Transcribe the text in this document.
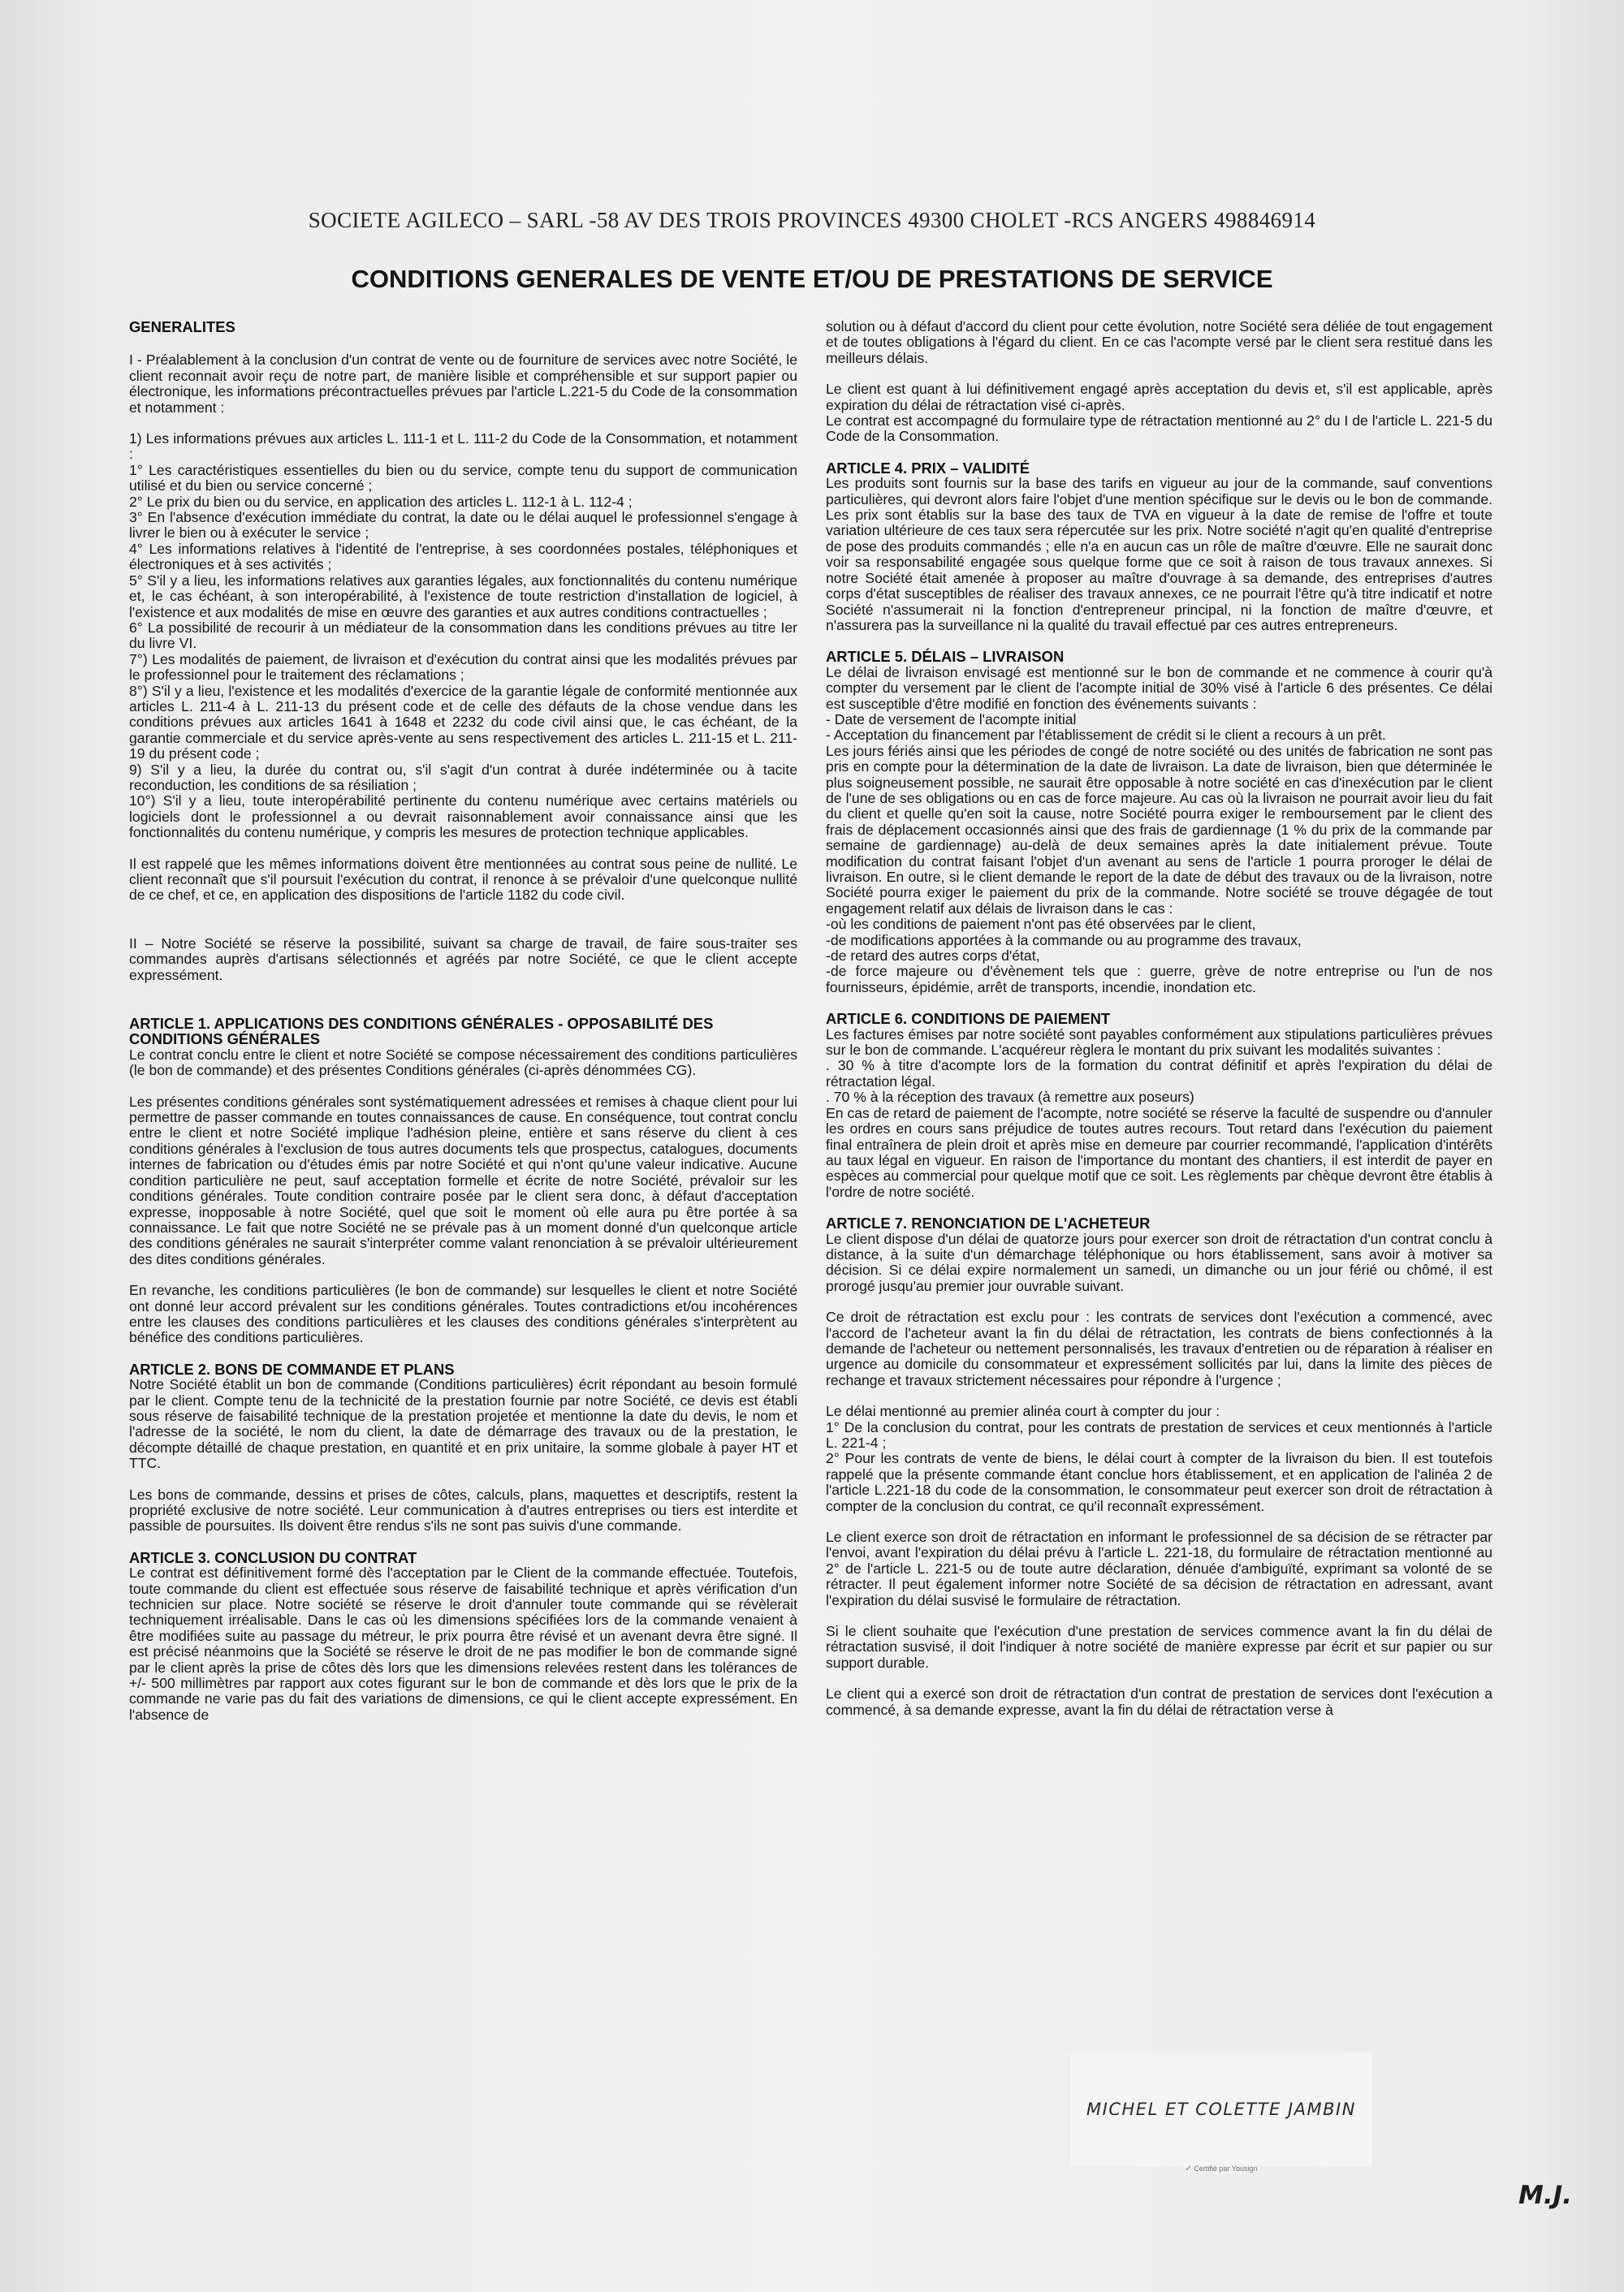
SOCIETE AGILECO – SARL -58 AV DES TROIS PROVINCES 49300 CHOLET -RCS ANGERS 498846914
CONDITIONS GENERALES DE VENTE ET/OU DE PRESTATIONS DE SERVICE
GENERALITES

I - Préalablement à la conclusion d'un contrat de vente ou de fourniture de services avec notre Société, le client reconnait avoir reçu de notre part, de manière lisible et compréhensible et sur support papier ou électronique, les informations précontractuelles prévues par l'article L.221-5 du Code de la consommation et notamment :

1) Les informations prévues aux articles L. 111-1 et L. 111-2 du Code de la Consommation, et notamment :
1° Les caractéristiques essentielles du bien ou du service, compte tenu du support de communication utilisé et du bien ou service concerné ;
2° Le prix du bien ou du service, en application des articles L. 112-1 à L. 112-4 ;
3° En l'absence d'exécution immédiate du contrat, la date ou le délai auquel le professionnel s'engage à livrer le bien ou à exécuter le service ;
4° Les informations relatives à l'identité de l'entreprise, à ses coordonnées postales, téléphoniques et électroniques et à ses activités ;
5° S'il y a lieu, les informations relatives aux garanties légales, aux fonctionnalités du contenu numérique et, le cas échéant, à son interopérabilité, à l'existence de toute restriction d'installation de logiciel, à l'existence et aux modalités de mise en œuvre des garanties et aux autres conditions contractuelles ;
6° La possibilité de recourir à un médiateur de la consommation dans les conditions prévues au titre Ier du livre VI.
7°) Les modalités de paiement, de livraison et d'exécution du contrat ainsi que les modalités prévues par le professionnel pour le traitement des réclamations ;
8°) S'il y a lieu, l'existence et les modalités d'exercice de la garantie légale de conformité mentionnée aux articles L. 211-4 à L. 211-13 du présent code et de celle des défauts de la chose vendue dans les conditions prévues aux articles 1641 à 1648 et 2232 du code civil ainsi que, le cas échéant, de la garantie commerciale et du service après-vente au sens respectivement des articles L. 211-15 et L. 211-19 du présent code ;
9) S'il y a lieu, la durée du contrat ou, s'il s'agit d'un contrat à durée indéterminée ou à tacite reconduction, les conditions de sa résiliation ;
10°) S'il y a lieu, toute interopérabilité pertinente du contenu numérique avec certains matériels ou logiciels dont le professionnel a ou devrait raisonnablement avoir connaissance ainsi que les fonctionnalités du contenu numérique, y compris les mesures de protection technique applicables.

Il est rappelé que les mêmes informations doivent être mentionnées au contrat sous peine de nullité. Le client reconnaît que s'il poursuit l'exécution du contrat, il renonce à se prévaloir d'une quelconque nullité de ce chef, et ce, en application des dispositions de l'article 1182 du code civil.

II – Notre Société se réserve la possibilité, suivant sa charge de travail, de faire sous-traiter ses commandes auprès d'artisans sélectionnés et agréés par notre Société, ce que le client accepte expressément.

ARTICLE 1. APPLICATIONS DES CONDITIONS GÉNÉRALES - OPPOSABILITÉ DES CONDITIONS GÉNÉRALES

Le contrat conclu entre le client et notre Société se compose nécessairement des conditions particulières (le bon de commande) et des présentes Conditions générales (ci-après dénommées CG).

Les présentes conditions générales sont systématiquement adressées et remises à chaque client pour lui permettre de passer commande en toutes connaissances de cause. En conséquence, tout contrat conclu entre le client et notre Société implique l'adhésion pleine, entière et sans réserve du client à ces conditions générales à l'exclusion de tous autres documents tels que prospectus, catalogues, documents internes de fabrication ou d'études émis par notre Société et qui n'ont qu'une valeur indicative. Aucune condition particulière ne peut, sauf acceptation formelle et écrite de notre Société, prévaloir sur les conditions générales. Toute condition contraire posée par le client sera donc, à défaut d'acceptation expresse, inopposable à notre Société, quel que soit le moment où elle aura pu être portée à sa connaissance. Le fait que notre Société ne se prévale pas à un moment donné d'un quelconque article des conditions générales ne saurait s'interpréter comme valant renonciation à se prévaloir ultérieurement des dites conditions générales.

En revanche, les conditions particulières (le bon de commande) sur lesquelles le client et notre Société ont donné leur accord prévalent sur les conditions générales. Toutes contradictions et/ou incohérences entre les clauses des conditions particulières et les clauses des conditions générales s'interprètent au bénéfice des conditions particulières.

ARTICLE 2. BONS DE COMMANDE ET PLANS

Notre Société établit un bon de commande (Conditions particulières) écrit répondant au besoin formulé par le client. Compte tenu de la technicité de la prestation fournie par notre Société, ce devis est établi sous réserve de faisabilité technique de la prestation projetée et mentionne la date du devis, le nom et l'adresse de la société, le nom du client, la date de démarrage des travaux ou de la prestation, le décompte détaillé de chaque prestation, en quantité et en prix unitaire, la somme globale à payer HT et TTC.

Les bons de commande, dessins et prises de côtes, calculs, plans, maquettes et descriptifs, restent la propriété exclusive de notre société. Leur communication à d'autres entreprises ou tiers est interdite et passible de poursuites. Ils doivent être rendus s'ils ne sont pas suivis d'une commande.

ARTICLE 3. CONCLUSION DU CONTRAT

Le contrat est définitivement formé dès l'acceptation par le Client de la commande effectuée. Toutefois, toute commande du client est effectuée sous réserve de faisabilité technique et après vérification d'un technicien sur place. Notre société se réserve le droit d'annuler toute commande qui se révèlerait techniquement irréalisable. Dans le cas où les dimensions spécifiées lors de la commande venaient à être modifiées suite au passage du métreur, le prix pourra être révisé et un avenant devra être signé. Il est précisé néanmoins que la Société se réserve le droit de ne pas modifier le bon de commande signé par le client après la prise de côtes dès lors que les dimensions relevées restent dans les tolérances de +/- 500 millimètres par rapport aux cotes figurant sur le bon de commande et dès lors que le prix de la commande ne varie pas du fait des variations de dimensions, ce qui le client accepte expressément. En l'absence de

solution ou à défaut d'accord du client pour cette évolution, notre Société sera déliée de tout engagement et de toutes obligations à l'égard du client. En ce cas l'acompte versé par le client sera restitué dans les meilleurs délais.

Le client est quant à lui définitivement engagé après acceptation du devis et, s'il est applicable, après expiration du délai de rétractation visé ci-après.

Le contrat est accompagné du formulaire type de rétractation mentionné au 2° du I de l'article L. 221-5 du Code de la Consommation.

ARTICLE 4. PRIX – VALIDITÉ

Les produits sont fournis sur la base des tarifs en vigueur au jour de la commande, sauf conventions particulières, qui devront alors faire l'objet d'une mention spécifique sur le devis ou le bon de commande. Les prix sont établis sur la base des taux de TVA en vigueur à la date de remise de l'offre et toute variation ultérieure de ces taux sera répercutée sur les prix. Notre société n'agit qu'en qualité d'entreprise de pose des produits commandés ; elle n'a en aucun cas un rôle de maître d'œuvre. Elle ne saurait donc voir sa responsabilité engagée sous quelque forme que ce soit à raison de tous travaux annexes. Si notre Société était amenée à proposer au maître d'ouvrage à sa demande, des entreprises d'autres corps d'état susceptibles de réaliser des travaux annexes, ce ne pourrait l'être qu'à titre indicatif et notre Société n'assumerait ni la fonction d'entrepreneur principal, ni la fonction de maître d'œuvre, et n'assurera pas la surveillance ni la qualité du travail effectué par ces autres entrepreneurs.

ARTICLE 5. DÉLAIS – LIVRAISON

Le délai de livraison envisagé est mentionné sur le bon de commande et ne commence à courir qu'à compter du versement par le client de l'acompte initial de 30% visé à l'article 6 des présentes. Ce délai est susceptible d'être modifié en fonction des événements suivants :
- Date de versement de l'acompte initial
- Acceptation du financement par l'établissement de crédit si le client a recours à un prêt.
Les jours fériés ainsi que les périodes de congé de notre société ou des unités de fabrication ne sont pas pris en compte pour la détermination de la date de livraison. La date de livraison, bien que déterminée le plus soigneusement possible, ne saurait être opposable à notre société en cas d'inexécution par le client de l'une de ses obligations ou en cas de force majeure. Au cas où la livraison ne pourrait avoir lieu du fait du client et quelle qu'en soit la cause, notre Société pourra exiger le remboursement par le client des frais de déplacement occasionnés ainsi que des frais de gardiennage (1 % du prix de la commande par semaine de gardiennage) au-delà de deux semaines après la date initialement prévue. Toute modification du contrat faisant l'objet d'un avenant au sens de l'article 1 pourra proroger le délai de livraison. En outre, si le client demande le report de la date de début des travaux ou de la livraison, notre Société pourra exiger le paiement du prix de la commande. Notre société se trouve dégagée de tout engagement relatif aux délais de livraison dans le cas :
-où les conditions de paiement n'ont pas été observées par le client,
-de modifications apportées à la commande ou au programme des travaux,
-de retard des autres corps d'état,
-de force majeure ou d'évènement tels que : guerre, grève de notre entreprise ou l'un de nos fournisseurs, épidémie, arrêt de transports, incendie, inondation etc.

ARTICLE 6. CONDITIONS DE PAIEMENT

Les factures émises par notre société sont payables conformément aux stipulations particulières prévues sur le bon de commande. L'acquéreur règlera le montant du prix suivant les modalités suivantes :
. 30 % à titre d'acompte lors de la formation du contrat définitif et après l'expiration du délai de rétractation légal.
. 70 % à la réception des travaux (à remettre aux poseurs)
En cas de retard de paiement de l'acompte, notre société se réserve la faculté de suspendre ou d'annuler les ordres en cours sans préjudice de toutes autres recours. Tout retard dans l'exécution du paiement final entraînera de plein droit et après mise en demeure par courrier recommandé, l'application d'intérêts au taux légal en vigueur. En raison de l'importance du montant des chantiers, il est interdit de payer en espèces au commercial pour quelque motif que ce soit. Les règlements par chèque devront être établis à l'ordre de notre société.

ARTICLE 7. RENONCIATION DE L'ACHETEUR

Le client dispose d'un délai de quatorze jours pour exercer son droit de rétractation d'un contrat conclu à distance, à la suite d'un démarchage téléphonique ou hors établissement, sans avoir à motiver sa décision. Si ce délai expire normalement un samedi, un dimanche ou un jour férié ou chômé, il est prorogé jusqu'au premier jour ouvrable suivant.

Ce droit de rétractation est exclu pour : les contrats de services dont l'exécution a commencé, avec l'accord de l'acheteur avant la fin du délai de rétractation, les contrats de biens confectionnés à la demande de l'acheteur ou nettement personnalisés, les travaux d'entretien ou de réparation à réaliser en urgence au domicile du consommateur et expressément sollicités par lui, dans la limite des pièces de rechange et travaux strictement nécessaires pour répondre à l'urgence ;

Le délai mentionné au premier alinéa court à compter du jour :
1° De la conclusion du contrat, pour les contrats de prestation de services et ceux mentionnés à l'article L. 221-4 ;
2° Pour les contrats de vente de biens, le délai court à compter de la livraison du bien. Il est toutefois rappelé que la présente commande étant conclue hors établissement, et en application de l'alinéa 2 de l'article L.221-18 du code de la consommation, le consommateur peut exercer son droit de rétractation à compter de la conclusion du contrat, ce qu'il reconnaît expressément.

Le client exerce son droit de rétractation en informant le professionnel de sa décision de se rétracter par l'envoi, avant l'expiration du délai prévu à l'article L. 221-18, du formulaire de rétractation mentionné au 2° de l'article L. 221-5 ou de toute autre déclaration, dénuée d'ambiguïté, exprimant sa volonté de se rétracter. Il peut également informer notre Société de sa décision de rétractation en adressant, avant l'expiration du délai susvisé le formulaire de rétractation.

Si le client souhaite que l'exécution d'une prestation de services commence avant la fin du délai de rétractation susvisé, il doit l'indiquer à notre société de manière expresse par écrit et sur papier ou sur support durable.

Le client qui a exercé son droit de rétractation d'un contrat de prestation de services dont l'exécution a commencé, à sa demande expresse, avant la fin du délai de rétractation verse à

MICHEL ET COLETTE JAMBIN
✓ Certifié par Yousign
M.J.
